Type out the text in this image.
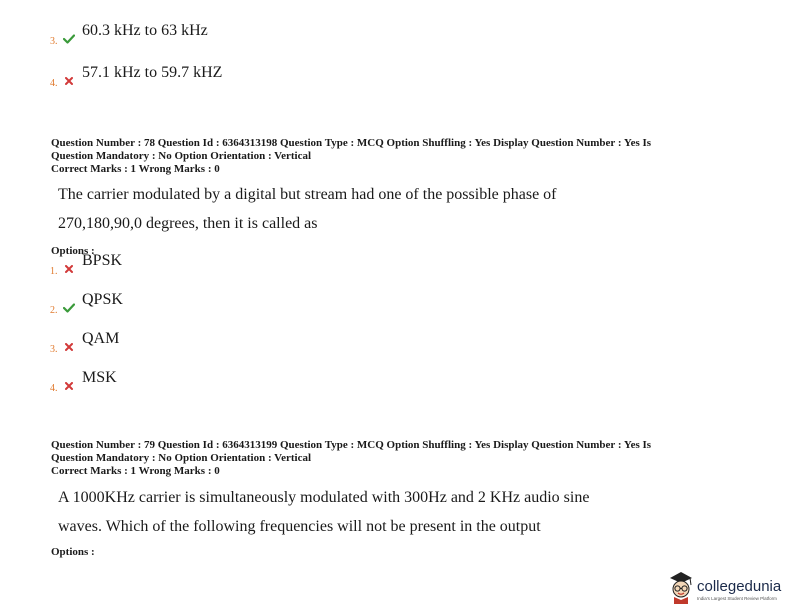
3.
60.3 kHz to 63 kHz
4.
57.1 kHz to 59.7 kHZ
Question Number : 78 Question Id : 6364313198 Question Type : MCQ Option Shuffling : Yes Display Question Number : Yes Is
Question Mandatory : No Option Orientation : Vertical
Correct Marks : 1 Wrong Marks : 0
The carrier modulated by a digital but stream had one of the possible phase of
270,180,90,0 degrees, then it is called as
Options :
1.
BPSK
2.
QPSK
3.
QAM
4.
MSK
Question Number : 79 Question Id : 6364313199 Question Type : MCQ Option Shuffling : Yes Display Question Number : Yes Is
Question Mandatory : No Option Orientation : Vertical
Correct Marks : 1 Wrong Marks : 0
A 1000KHz carrier is simultaneously modulated with 300Hz and 2 KHz audio sine
waves. Which of the following frequencies will not be present in the output
Options :
collegedunia
India's Largest Student Review Platform
